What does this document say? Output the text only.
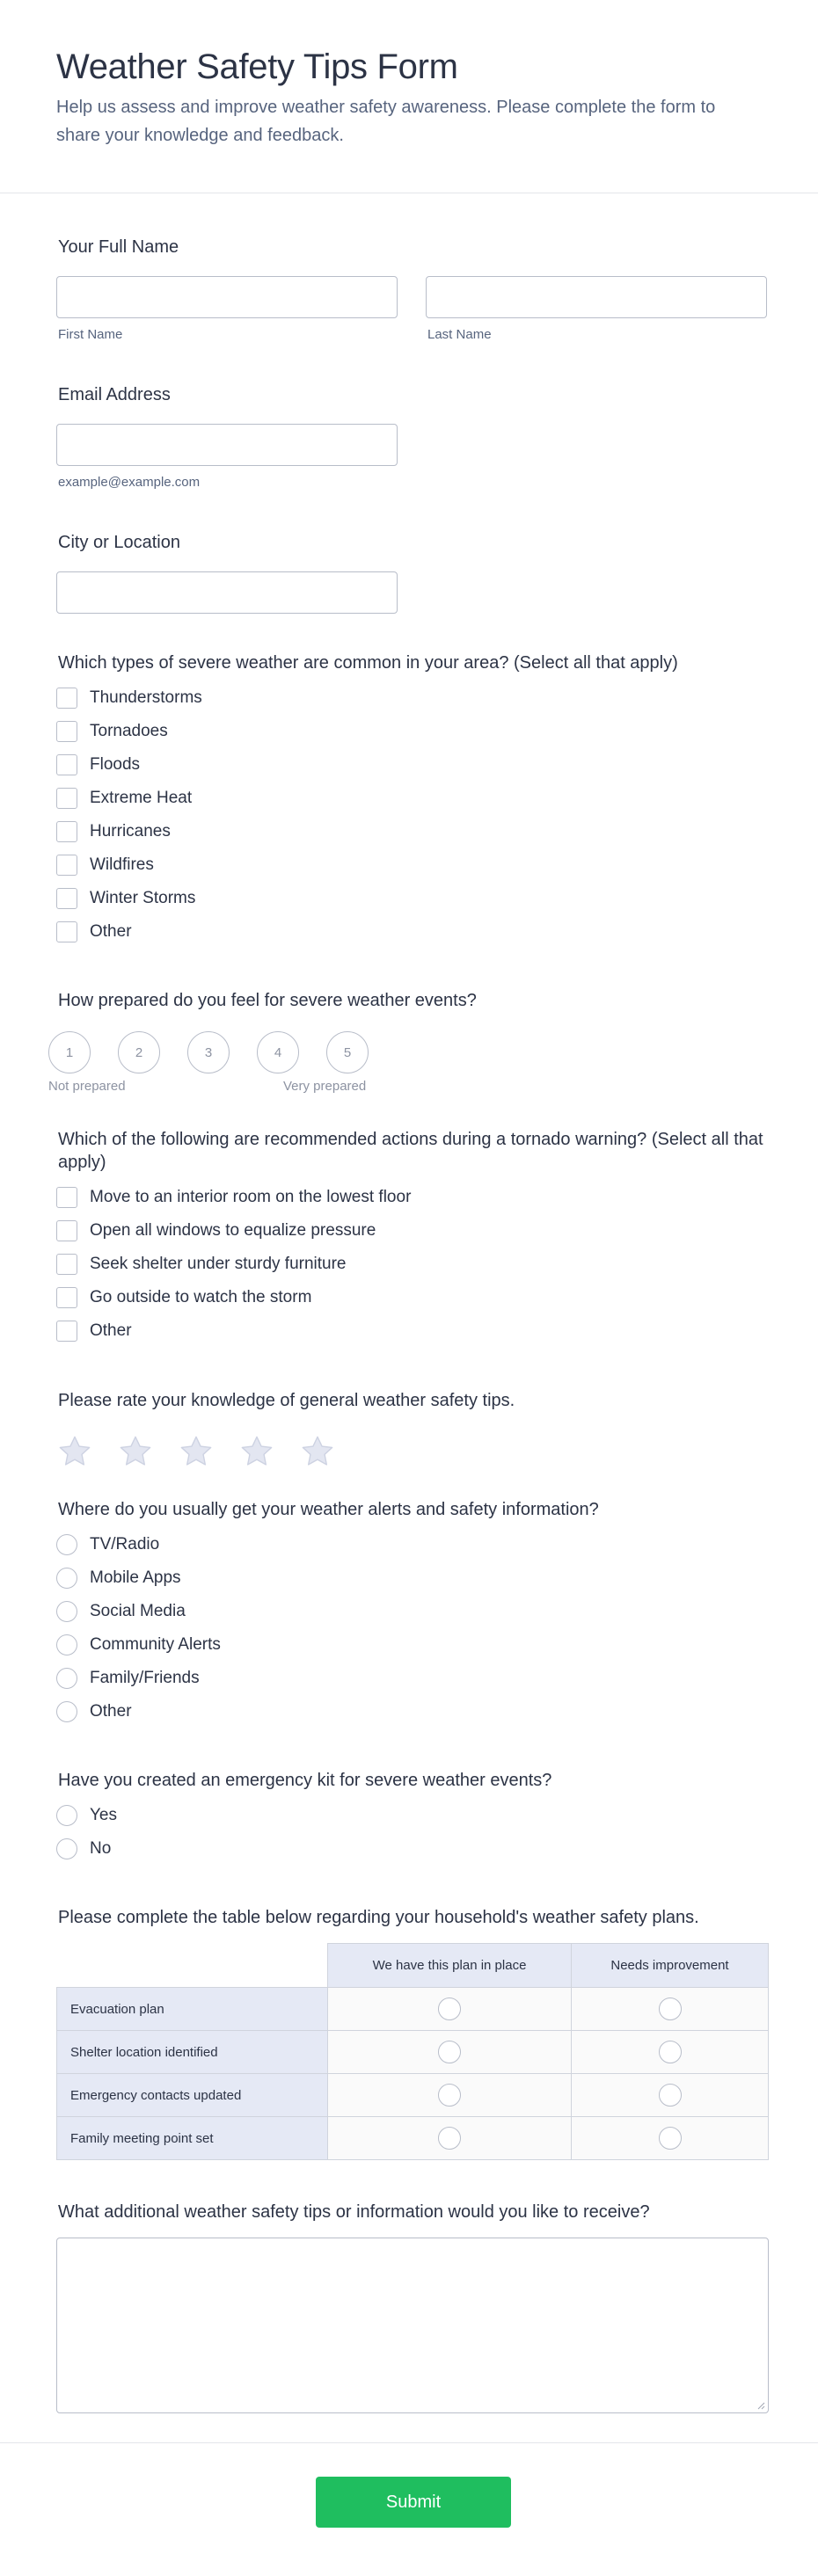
Weather Safety Tips Form

Help us assess and improve weather safety awareness. Please complete the form to share your knowledge and feedback.

Your Full Name
First Name	Last Name
Email Address
example@example.com
City or Location
Which types of severe weather are common in your area? (Select all that apply)
Thunderstorms
Tornadoes
Floods
Extreme Heat
Hurricanes
Wildfires
Winter Storms
Other
How prepared do you feel for severe weather events?
1	2	3	4	5
Not prepared	Very prepared
Which of the following are recommended actions during a tornado warning? (Select all that apply)
Move to an interior room on the lowest floor
Open all windows to equalize pressure
Seek shelter under sturdy furniture
Go outside to watch the storm
Other
Please rate your knowledge of general weather safety tips.
Where do you usually get your weather alerts and safety information?
TV/Radio
Mobile Apps
Social Media
Community Alerts
Family/Friends
Other
Have you created an emergency kit for severe weather events?
Yes
No
Please complete the table below regarding your household's weather safety plans.
	We have this plan in place	Needs improvement
Evacuation plan		
Shelter location identified		
Emergency contacts updated		
Family meeting point set		
What additional weather safety tips or information would you like to receive?
Submit
